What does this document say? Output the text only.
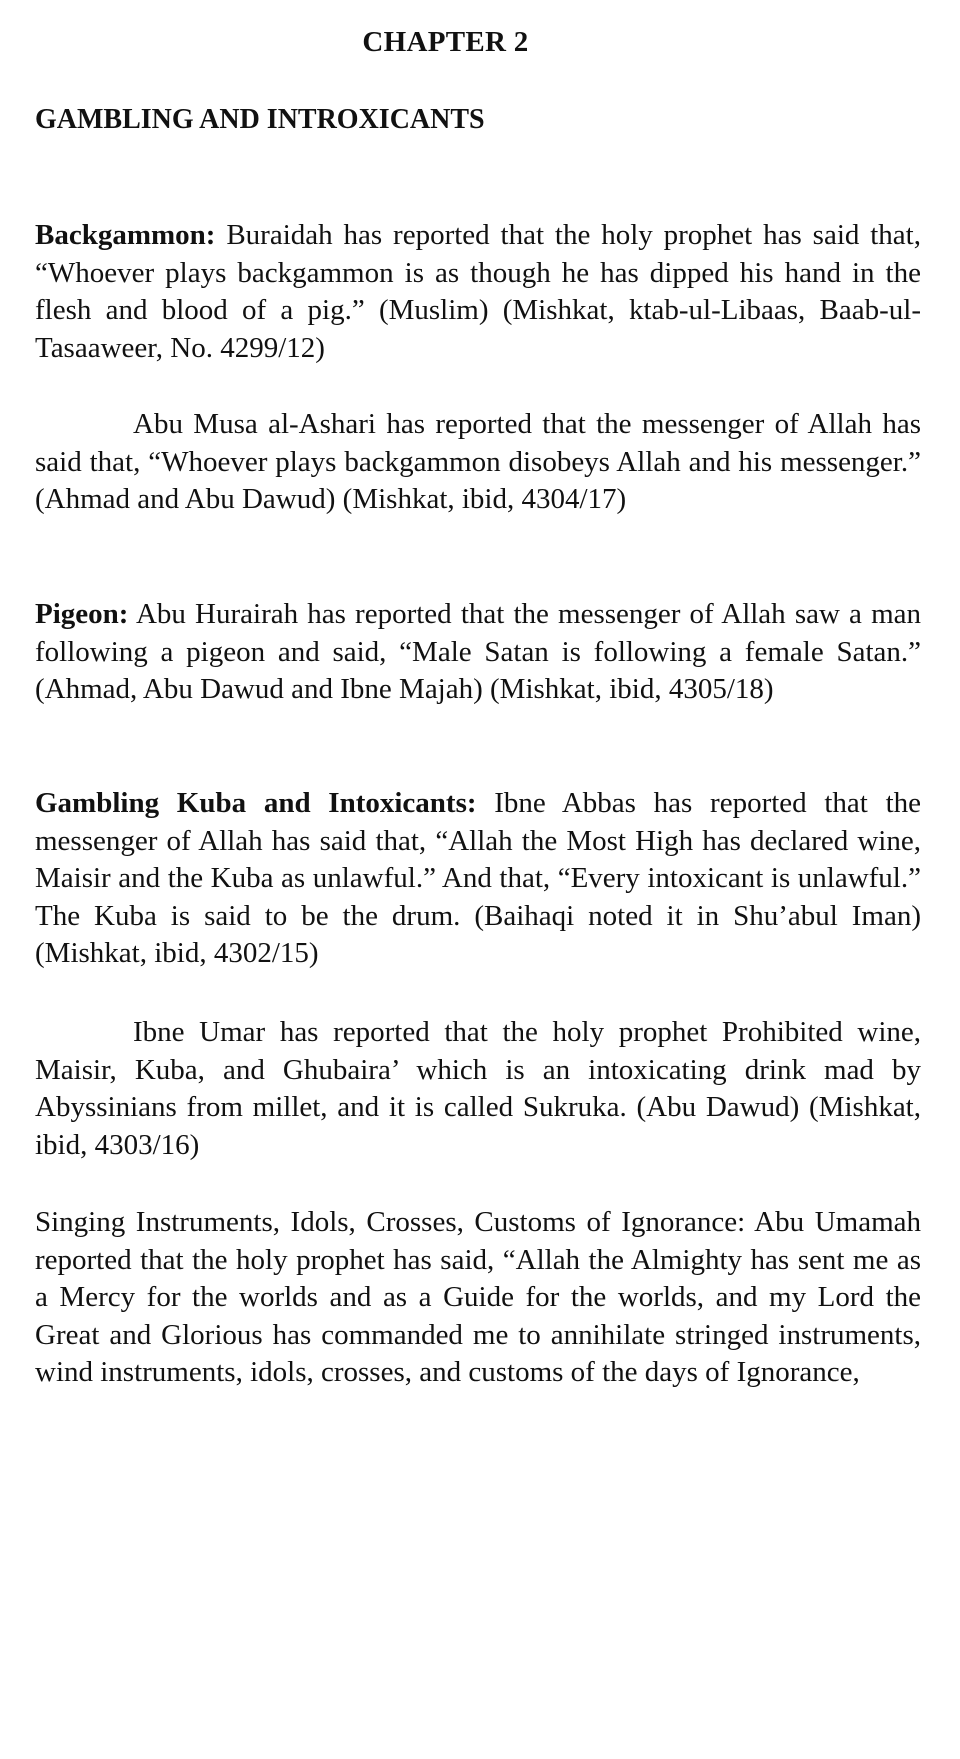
CHAPTER 2
GAMBLING AND INTROXICANTS

Backgammon: Buraidah has reported that the holy prophet has said that, “Whoever plays backgammon is as though he has dipped his hand in the flesh and blood of a pig.” (Muslim) (Mishkat, ktab-ul-Libaas, Baab-ul-Tasaaweer, No. 4299/12)

Abu Musa al-Ashari has reported that the messenger of Allah has said that, “Whoever plays backgammon disobeys Allah and his messenger.” (Ahmad and Abu Dawud) (Mishkat, ibid, 4304/17)

Pigeon: Abu Hurairah has reported that the messenger of Allah saw a man following a pigeon and said, “Male Satan is following a female Satan.” (Ahmad, Abu Dawud and Ibne Majah) (Mishkat, ibid, 4305/18)

Gambling Kuba and Intoxicants: Ibne Abbas has reported that the messenger of Allah has said that, “Allah the Most High has declared wine, Maisir and the Kuba as unlawful.” And that, “Every intoxicant is unlawful.” The Kuba is said to be the drum. (Baihaqi noted it in Shu’abul Iman) (Mishkat, ibid, 4302/15)

Ibne Umar has reported that the holy prophet Prohibited wine, Maisir, Kuba, and Ghubaira’ which is an intoxicating drink mad by Abyssinians from millet, and it is called Sukruka. (Abu Dawud) (Mishkat, ibid, 4303/16)

Singing Instruments, Idols, Crosses, Customs of Ignorance: Abu Umamah reported that the holy prophet has said, “Allah the Almighty has sent me as a Mercy for the worlds and as a Guide for the worlds, and my Lord the Great and Glorious has commanded me to annihilate stringed instruments, wind instruments, idols, crosses, and customs of the days of Ignorance,
